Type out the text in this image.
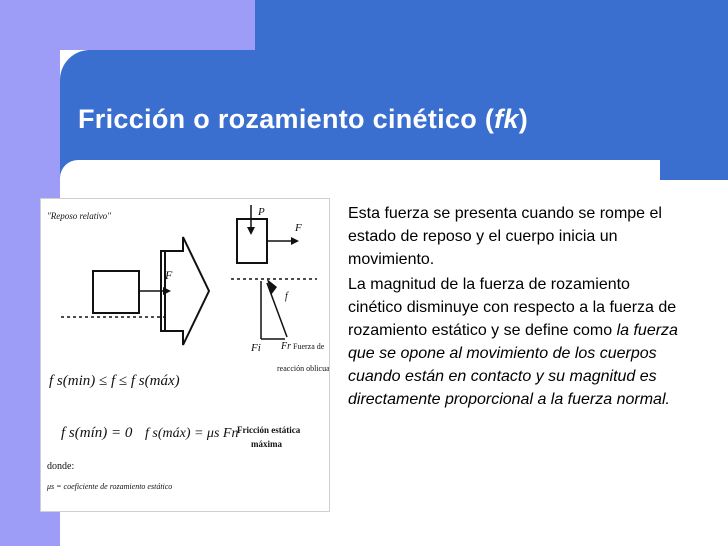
Fricción o rozamiento cinético (fk)
"Reposo relativo"
F
P
F
f
Fi Fr Fuerza de
reacción oblicua
f s(min) ≤ f ≤ f s(máx)
f s(mín) = 0 f s(máx) = μs Fn
Fricción estática
máxima
donde:
μs = coeficiente de rozamiento estático
Esta fuerza se presenta cuando se rompe el estado de reposo y el cuerpo inicia un movimiento.
La magnitud de la fuerza de rozamiento cinético disminuye con respecto a la fuerza de rozamiento estático y se define como la fuerza que se opone al movimiento de los cuerpos cuando están en contacto y su magnitud es directamente proporcional a la fuerza normal.
